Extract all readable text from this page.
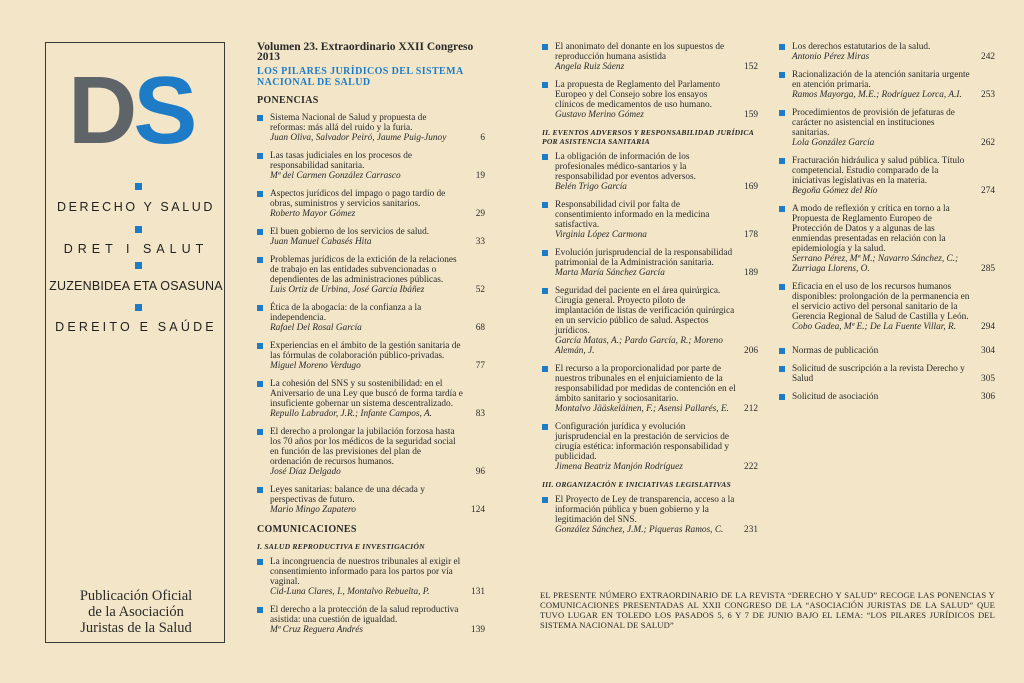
DS
DERECHO Y SALUD
DRET I SALUT
ZUZENBIDEA ETA OSASUNA
DEREITO E SAÚDE
Publicación Oficial
de la Asociación
Juristas de la Salud
Volumen 23. Extraordinario XXII Congreso 2013
LOS PILARES JURÍDICOS DEL SISTEMA NACIONAL DE SALUD
PONENCIAS
Sistema Nacional de Salud y propuesta de reformas: más allá del ruido y la furia.
Juan Oliva, Salvador Peiró, Jaume Puig-Junoy	6
Las tasas judiciales en los procesos de responsabilidad sanitaria.
Mª del Carmen González Carrasco	19
Aspectos jurídicos del impago o pago tardío de obras, suministros y servicios sanitarios.
Roberto Mayor Gómez	29
El buen gobierno de los servicios de salud.
Juan Manuel Cabasés Hita	33
Problemas jurídicos de la extición de la relaciones de trabajo en las entidades subvencionadas o dependientes de las administraciones públicas.
Luis Ortiz de Urbina, José García Ibáñez	52
Ética de la abogacía: de la confianza a la independencia.
Rafael Del Rosal García	68
Experiencias en el ámbito de la gestión sanitaria de las fórmulas de colaboración público-privadas.
Miguel Moreno Verdugo	77
La cohesión del SNS y su sostenibilidad: en el Aniversario de una Ley que buscó de forma tardía e insuficiente gobernar un sistema descentralizado.
Repullo Labrador, J.R.; Infante Campos, A.	83
El derecho a prolongar la jubilación forzosa hasta los 70 años por los médicos de la seguridad social en función de las previsiones del plan de ordenación de recursos humanos.
José Díaz Delgado	96
Leyes sanitarias: balance de una década y perspectivas de futuro.
Mario Mingo Zapatero	124
COMUNICACIONES
I. SALUD REPRODUCTIVA E INVESTIGACIÓN
La incongruencia de nuestros tribunales al exigir el consentimiento informado para los partos por vía vaginal.
Cid-Luna Clares, I., Montalvo Rebuelta, P.	131
El derecho a la protección de la salud reproductiva asistida: una cuestión de igualdad.
Mª Cruz Reguera Andrés	139
El anonimato del donante en los supuestos de reproducción humana asistida
Angela Ruiz Sáenz	152
La propuesta de Reglamento del Parlamento Europeo y del Consejo sobre los ensayos clínicos de medicamentos de uso humano.
Gustavo Merino Gómez	159
II. EVENTOS ADVERSOS Y RESPONSABILIDAD JURÍDICA POR ASISTENCIA SANITARIA
La obligación de información de los profesionales médico-santarios y la responsabilidad por eventos adversos.
Belén Trigo García	169
Responsabilidad civil por falta de consentimiento informado en la medicina satisfactiva.
Virginia López Carmona	178
Evolución jurisprudencial de la responsabilidad patrimonial de la Administración sanitaria.
Marta María Sánchez García	189
Seguridad del paciente en el área quirúrgica. Cirugía general. Proyecto piloto de implantación de listas de verificación quirúrgica en un servicio público de salud. Aspectos jurídicos.
García Matas, A.; Pardo García, R.; Moreno Alemán, J.	206
El recurso a la proporcionalidad por parte de nuestros tribunales en el enjuiciamiento de la responsabilidad por medidas de contención en el ámbito sanitario y sociosanitario.
Montalvo Jääskeläinen, F.; Asensi Pallarés, E.	212
Configuración jurídica y evolución jurisprudencial en la prestación de servicios de cirugía estética: información responsabilidad y publicidad.
Jimena Beatriz Manjón Rodríguez	222
III. ORGANIZACIÓN E INICIATIVAS LEGISLATIVAS
El Proyecto de Ley de transparencia, acceso a la información pública y buen gobierno y la legitimación del SNS.
González Sánchez, J.M.; Piqueras Ramos, C.	231
Los derechos estatutarios de la salud.
Antonio Pérez Miras	242
Racionalización de la atención sanitaria urgente en atención primaria.
Ramos Mayorga, M.E.; Rodríguez Lorca, A.I.	253
Procedimientos de provisión de jefaturas de carácter no asistencial en instituciones sanitarias.
Lola González García	262
Fracturación hidráulica y salud pública. Título competencial. Estudio comparado de la iniciativas legislativas en la materia.
Begoña Gómez del Río	274
A modo de reflexión y crítica en torno a la Propuesta de Reglamento Europeo de Protección de Datos y a algunas de las enmiendas presentadas en relación con la epidemiología y la salud.
Serrano Pérez, Mª M.; Navarro Sánchez, C.; Zurriaga Llorens, O.	285
Eficacia en el uso de los recursos humanos disponibles: prolongación de la permanencia en el servicio activo del personal sanitario de la Gerencia Regional de Salud de Castilla y León.
Cobo Gadea, Mª E.; De La Fuente Villar, R.	294
Normas de publicación	304
Solicitud de suscripción a la revista Derecho y Salud	305
Solicitud de asociación	306
EL PRESENTE NÚMERO EXTRAORDINARIO DE LA REVISTA “DERECHO Y SALUD” RECOGE LAS PONENCIAS Y COMUNICACIONES PRESENTADAS AL XXII CONGRESO DE LA “ASOCIACIÓN JURISTAS DE LA SALUD” QUE TUVO LUGAR EN TOLEDO LOS PASADOS 5, 6 Y 7 DE JUNIO BAJO EL LEMA: “LOS PILARES JURÍDICOS DEL SISTEMA NACIONAL DE SALUD”
